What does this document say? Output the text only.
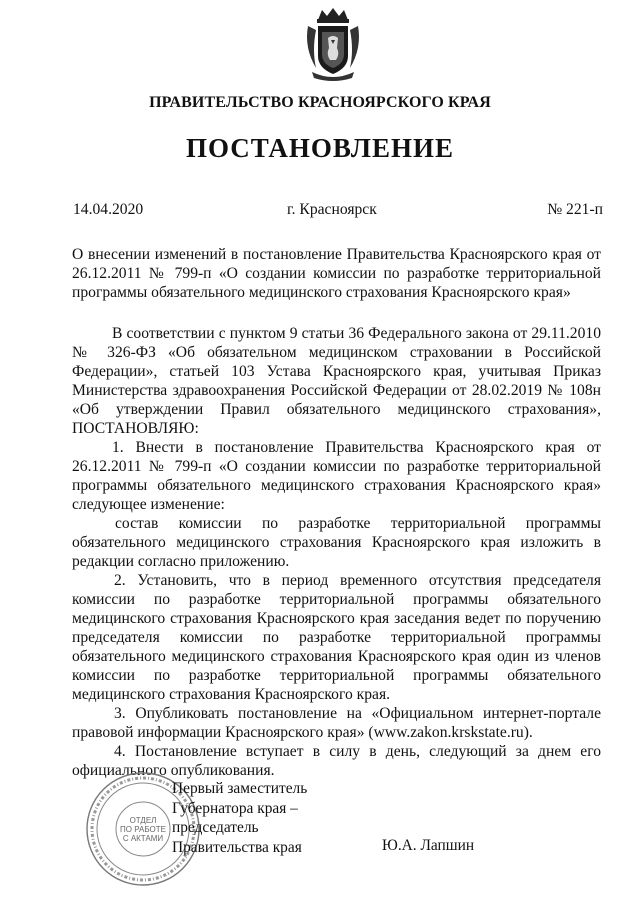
ПРАВИТЕЛЬСТВО КРАСНОЯРСКОГО КРАЯ
ПОСТАНОВЛЕНИЕ
14.04.2020	г. Красноярск	№ 221-п

О внесении изменений в постановление Правительства Красноярского края от 26.12.2011 № 799-п «О создании комиссии по разработке территориальной программы обязательного медицинского страхования Красноярского края»

В соответствии с пунктом 9 статьи 36 Федерального закона от 29.11.2010 № 326-ФЗ «Об обязательном медицинском страховании в Российской Федерации», статьей 103 Устава Красноярского края, учитывая Приказ Министерства здравоохранения Российской Федерации от 28.02.2019 № 108н «Об утверждении Правил обязательного медицинского страхования», ПОСТАНОВЛЯЮ:

1. Внести в постановление Правительства Красноярского края от 26.12.2011 № 799-п «О создании комиссии по разработке территориальной программы обязательного медицинского страхования Красноярского края» следующее изменение:

состав комиссии по разработке территориальной программы обязательного медицинского страхования Красноярского края изложить в редакции согласно приложению.

2. Установить, что в период временного отсутствия председателя комиссии по разработке территориальной программы обязательного медицинского страхования Красноярского края заседания ведет по поручению председателя комиссии по разработке территориальной программы обязательного медицинского страхования Красноярского края один из членов комиссии по разработке территориальной программы обязательного медицинского страхования Красноярского края.

3. Опубликовать постановление на «Официальном интернет-портале правовой информации Красноярского края» (www.zakon.krskstate.ru).

4. Постановление вступает в силу в день, следующий за днем его официального опубликования.

ОТДЕЛ
ПО РАБОТЕ
С АКТАМИ
Первый заместитель
Губернатора края –
председатель
Правительства края	Ю.А. Лапшин
